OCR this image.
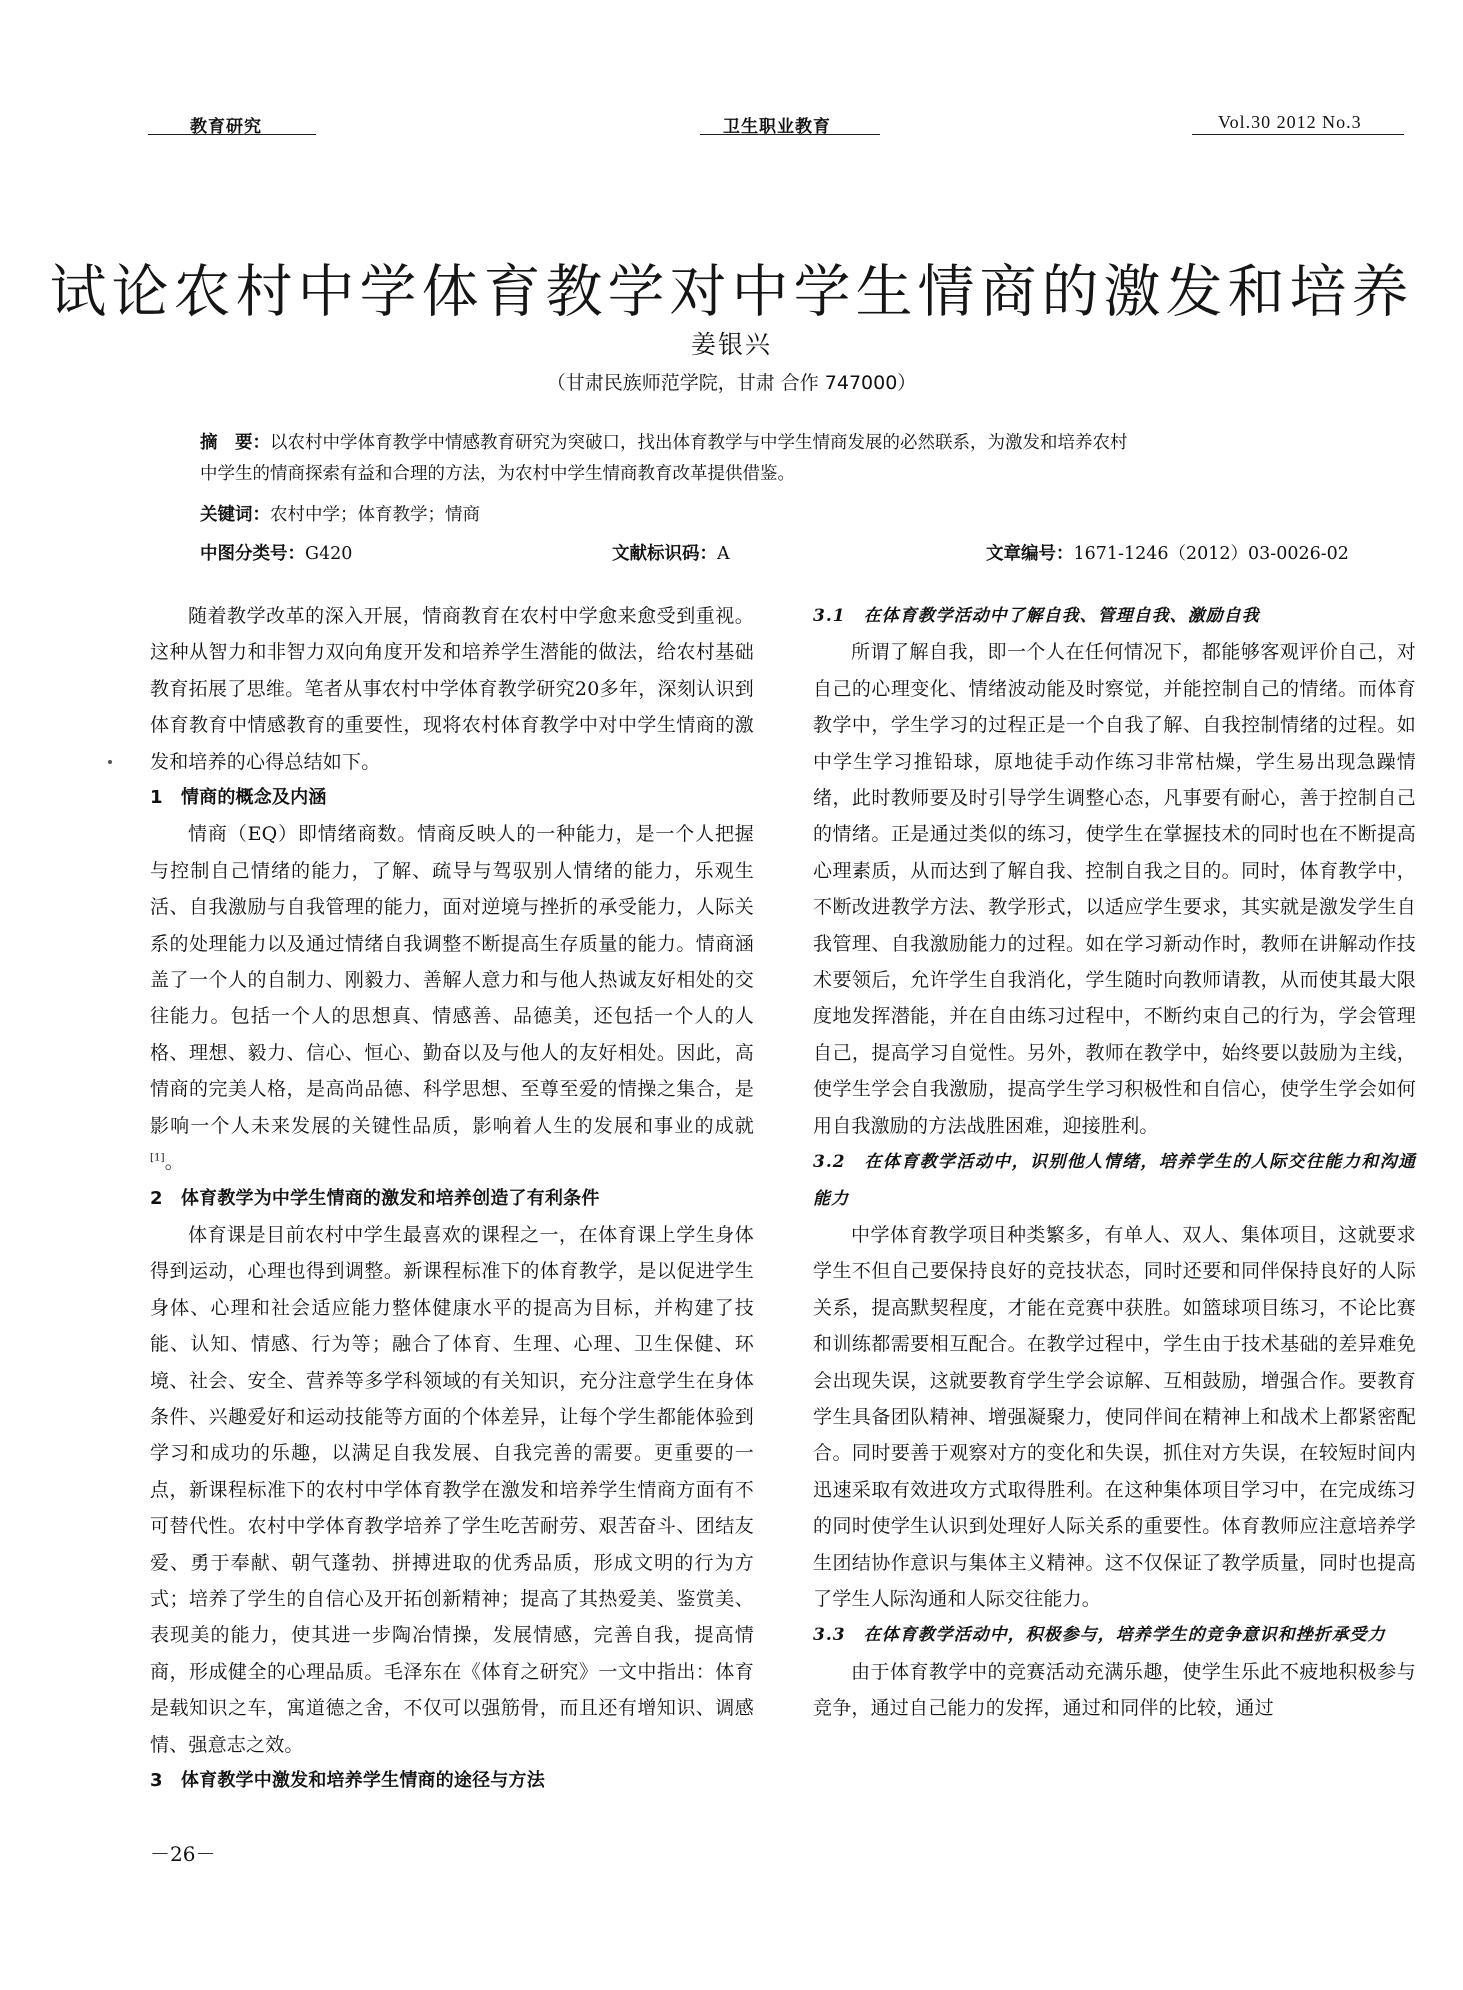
教育研究	卫生职业教育	Vol.30 2012 No.3
试论农村中学体育教学对中学生情商的激发和培养
姜银兴
（甘肃民族师范学院，甘肃 合作 747000）
摘　要：以农村中学体育教学中情感教育研究为突破口，找出体育教学与中学生情商发展的必然联系，为激发和培养农村
中学生的情商探索有益和合理的方法，为农村中学生情商教育改革提供借鉴。
关键词：农村中学；体育教学；情商
中图分类号：G420	文献标识码：A	文章编号：1671-1246（2012）03-0026-02

随着教学改革的深入开展，情商教育在农村中学愈来愈受到重视。这种从智力和非智力双向角度开发和培养学生潜能的做法，给农村基础教育拓展了思维。笔者从事农村中学体育教学研究20多年，深刻认识到体育教育中情感教育的重要性，现将农村体育教学中对中学生情商的激发和培养的心得总结如下。

1　情商的概念及内涵

情商（EQ）即情绪商数。情商反映人的一种能力，是一个人把握与控制自己情绪的能力，了解、疏导与驾驭别人情绪的能力，乐观生活、自我激励与自我管理的能力，面对逆境与挫折的承受能力，人际关系的处理能力以及通过情绪自我调整不断提高生存质量的能力。情商涵盖了一个人的自制力、刚毅力、善解人意力和与他人热诚友好相处的交往能力。包括一个人的思想真、情感善、品德美，还包括一个人的人格、理想、毅力、信心、恒心、勤奋以及与他人的友好相处。因此，高情商的完美人格，是高尚品德、科学思想、至尊至爱的情操之集合，是影响一个人未来发展的关键性品质，影响着人生的发展和事业的成就[1]。

2　体育教学为中学生情商的激发和培养创造了有利条件

体育课是目前农村中学生最喜欢的课程之一，在体育课上学生身体得到运动，心理也得到调整。新课程标准下的体育教学，是以促进学生身体、心理和社会适应能力整体健康水平的提高为目标，并构建了技能、认知、情感、行为等；融合了体育、生理、心理、卫生保健、环境、社会、安全、营养等多学科领域的有关知识，充分注意学生在身体条件、兴趣爱好和运动技能等方面的个体差异，让每个学生都能体验到学习和成功的乐趣，以满足自我发展、自我完善的需要。更重要的一点，新课程标准下的农村中学体育教学在激发和培养学生情商方面有不可替代性。农村中学体育教学培养了学生吃苦耐劳、艰苦奋斗、团结友爱、勇于奉献、朝气蓬勃、拼搏进取的优秀品质，形成文明的行为方式；培养了学生的自信心及开拓创新精神；提高了其热爱美、鉴赏美、表现美的能力，使其进一步陶冶情操，发展情感，完善自我，提高情商，形成健全的心理品质。毛泽东在《体育之研究》一文中指出：体育是载知识之车，寓道德之舍，不仅可以强筋骨，而且还有增知识、调感情、强意志之效。

3　体育教学中激发和培养学生情商的途径与方法
3.1　在体育教学活动中了解自我、管理自我、激励自我

所谓了解自我，即一个人在任何情况下，都能够客观评价自己，对自己的心理变化、情绪波动能及时察觉，并能控制自己的情绪。而体育教学中，学生学习的过程正是一个自我了解、自我控制情绪的过程。如中学生学习推铅球，原地徒手动作练习非常枯燥，学生易出现急躁情绪，此时教师要及时引导学生调整心态，凡事要有耐心，善于控制自己的情绪。正是通过类似的练习，使学生在掌握技术的同时也在不断提高心理素质，从而达到了解自我、控制自我之目的。同时，体育教学中，不断改进教学方法、教学形式，以适应学生要求，其实就是激发学生自我管理、自我激励能力的过程。如在学习新动作时，教师在讲解动作技术要领后，允许学生自我消化，学生随时向教师请教，从而使其最大限度地发挥潜能，并在自由练习过程中，不断约束自己的行为，学会管理自己，提高学习自觉性。另外，教师在教学中，始终要以鼓励为主线，使学生学会自我激励，提高学生学习积极性和自信心，使学生学会如何用自我激励的方法战胜困难，迎接胜利。

3.2　在体育教学活动中，识别他人情绪，培养学生的人际交往能力和沟通能力

中学体育教学项目种类繁多，有单人、双人、集体项目，这就要求学生不但自己要保持良好的竞技状态，同时还要和同伴保持良好的人际关系，提高默契程度，才能在竞赛中获胜。如篮球项目练习，不论比赛和训练都需要相互配合。在教学过程中，学生由于技术基础的差异难免会出现失误，这就要教育学生学会谅解、互相鼓励，增强合作。要教育学生具备团队精神、增强凝聚力，使同伴间在精神上和战术上都紧密配合。同时要善于观察对方的变化和失误，抓住对方失误，在较短时间内迅速采取有效进攻方式取得胜利。在这种集体项目学习中，在完成练习的同时使学生认识到处理好人际关系的重要性。体育教师应注意培养学生团结协作意识与集体主义精神。这不仅保证了教学质量，同时也提高了学生人际沟通和人际交往能力。

3.3　在体育教学活动中，积极参与，培养学生的竞争意识和挫折承受力

由于体育教学中的竞赛活动充满乐趣，使学生乐此不疲地积极参与竞争，通过自己能力的发挥，通过和同伴的比较，通过

－26－
